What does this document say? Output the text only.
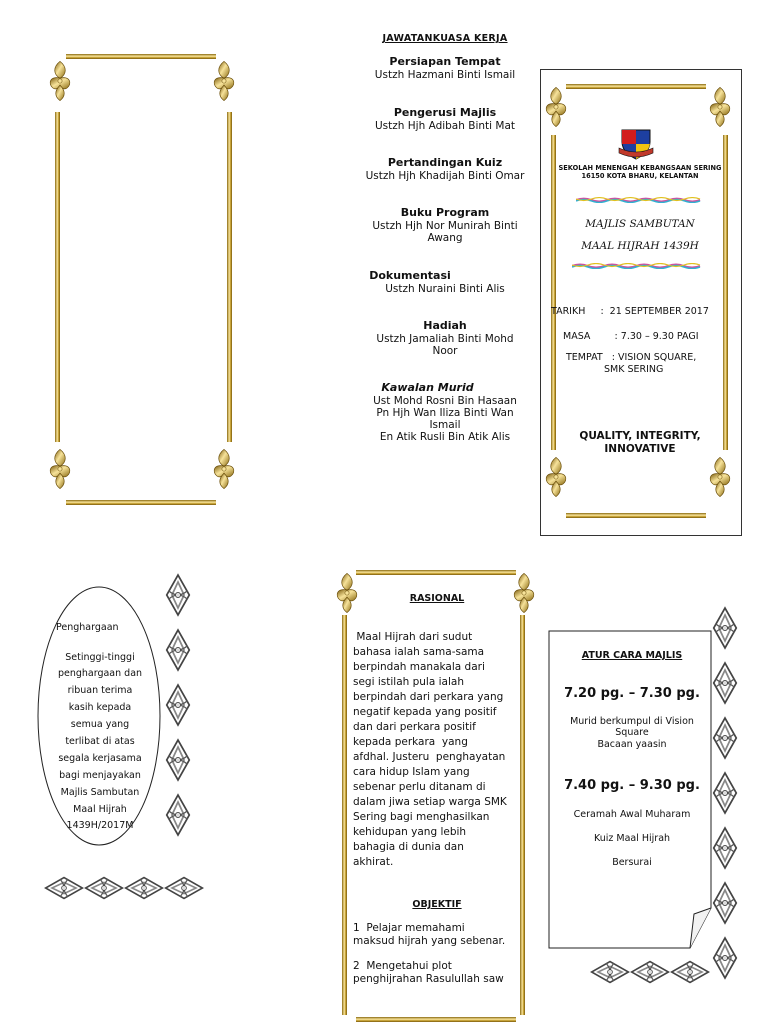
JAWATANKUASA KERJA
Persiapan Tempat
Ustzh Hazmani Binti Ismail
Pengerusi Majlis
Ustzh Hjh Adibah Binti Mat
Pertandingan Kuiz
Ustzh Hjh Khadijah Binti Omar
Buku Program
Ustzh Hjh Nor Munirah Binti
Awang
Dokumentasi
Ustzh Nuraini Binti Alis
Hadiah
Ustzh Jamaliah Binti Mohd
Noor
Kawalan Murid
Ust Mohd Rosni Bin Hasaan
Pn Hjh Wan Iliza Binti Wan
Ismail
En Atik Rusli Bin Atik Alis
SEKOLAH MENENGAH KEBANGSAAN SERING
16150 KOTA BHARU, KELANTAN
MAJLIS SAMBUTAN
MAAL HIJRAH 1439H
TARIKH     :  21 SEPTEMBER 2017
MASA        : 7.30 – 9.30 PAGI
TEMPAT   : VISION SQUARE,
SMK SERING
QUALITY, INTEGRITY,
INNOVATIVE
Penghargaan
Setinggi-tinggi
penghargaan dan
ribuan terima
kasih kepada
semua yang
terlibat di atas
segala kerjasama
bagi menjayakan
Majlis Sambutan
Maal Hijrah
1439H/2017M
RASIONAL
Maal Hijrah dari sudut
bahasa ialah sama-sama
berpindah manakala dari
segi istilah pula ialah
berpindah dari perkara yang
negatif kepada yang positif
dan dari perkara positif
kepada perkara  yang
afdhal. Justeru  penghayatan
cara hidup Islam yang
sebenar perlu ditanam di
dalam jiwa setiap warga SMK
Sering bagi menghasilkan
kehidupan yang lebih
bahagia di dunia dan
akhirat.
OBJEKTIF
1  Pelajar memahami
maksud hijrah yang sebenar.
2  Mengetahui plot
penghijrahan Rasulullah saw
ATUR CARA MAJLIS
7.20 pg. – 7.30 pg.
Murid berkumpul di Vision
Square
Bacaan yaasin
7.40 pg. – 9.30 pg.
Ceramah Awal Muharam
Kuiz Maal Hijrah
Bersurai
